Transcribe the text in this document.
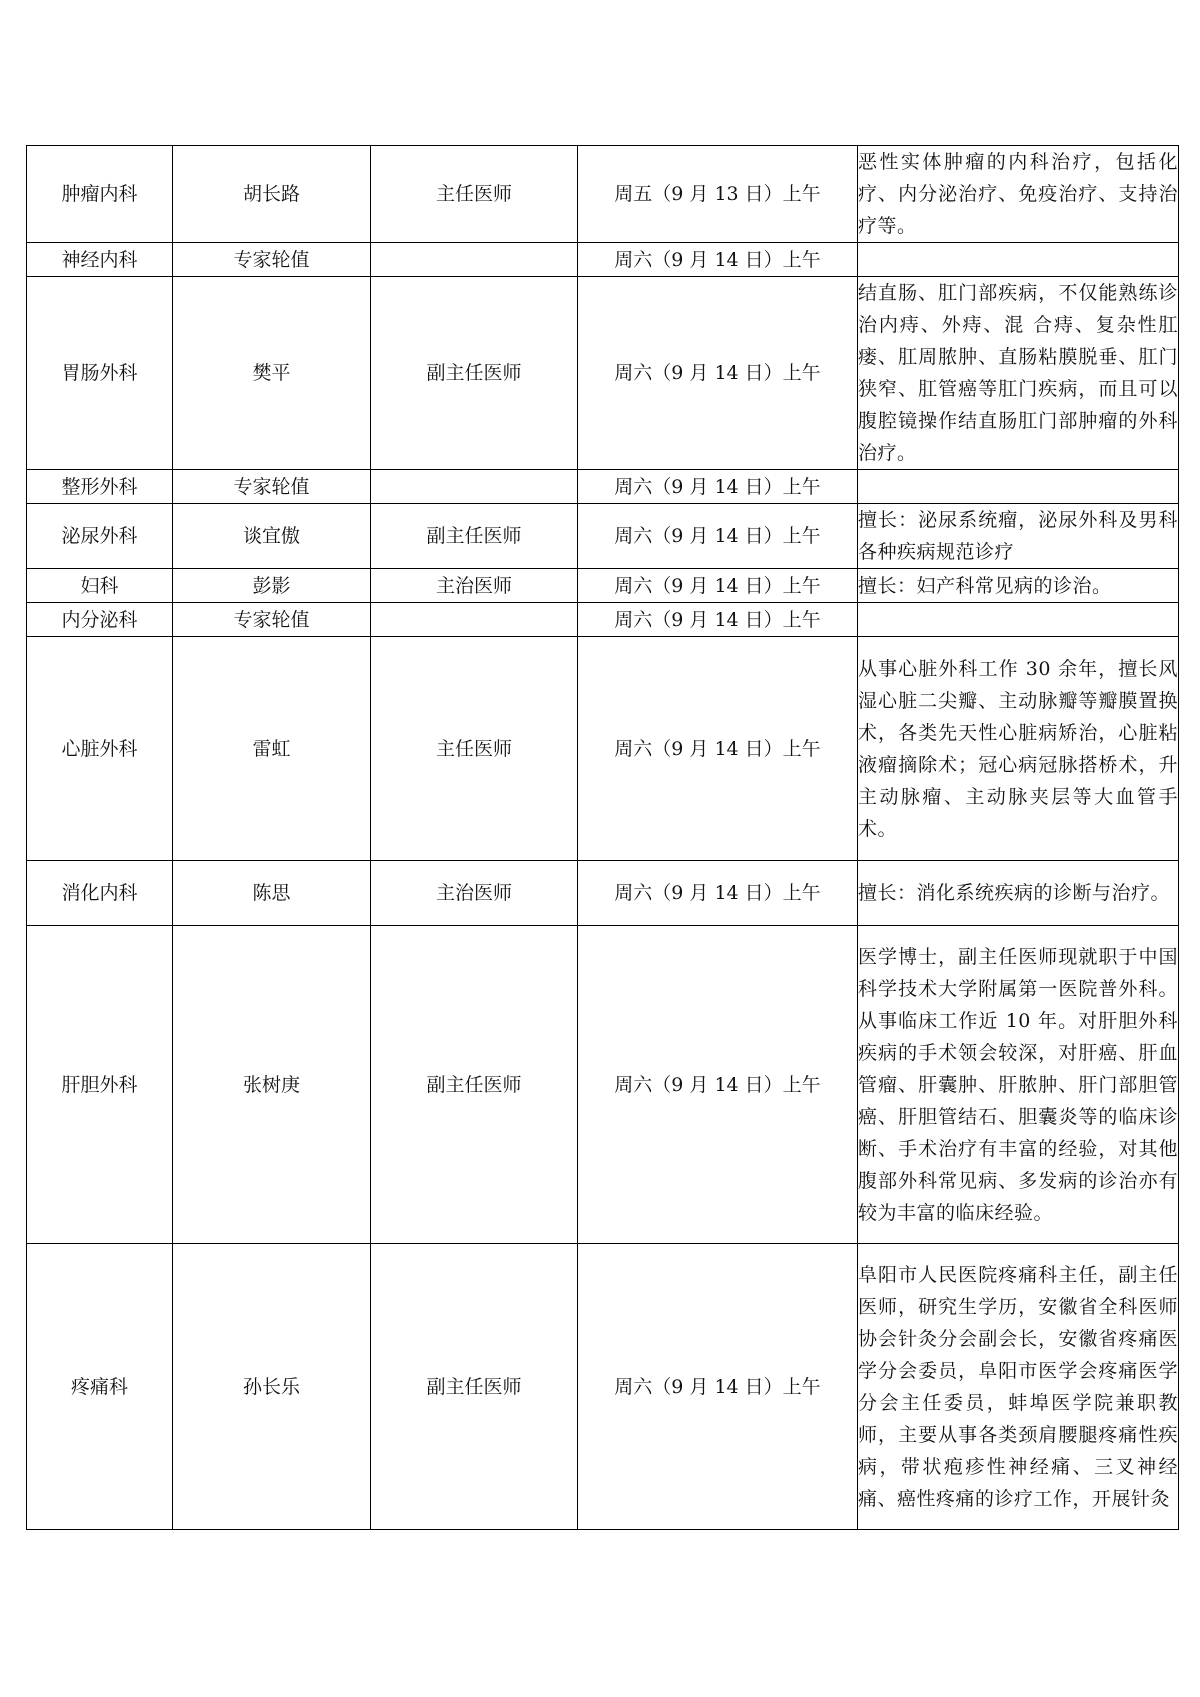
肿瘤内科	胡长路	主任医师	周五（9 月 13 日）上午	恶性实体肿瘤的内科治疗，包括化疗、内分泌治疗、免疫治疗、支持治疗等。
神经内科	专家轮值		周六（9 月 14 日）上午	
胃肠外科	樊平	副主任医师	周六（9 月 14 日）上午	结直肠、肛门部疾病，不仅能熟练诊治内痔、外痔、混 合痔、复杂性肛瘘、肛周脓肿、直肠粘膜脱垂、肛门狭窄、肛管癌等肛门疾病，而且可以腹腔镜操作结直肠肛门部肿瘤的外科治疗。
整形外科	专家轮值		周六（9 月 14 日）上午	
泌尿外科	谈宜傲	副主任医师	周六（9 月 14 日）上午	擅长：泌尿系统瘤，泌尿外科及男科各种疾病规范诊疗
妇科	彭影	主治医师	周六（9 月 14 日）上午	擅长：妇产科常见病的诊治。
内分泌科	专家轮值		周六（9 月 14 日）上午	
心脏外科	雷虹	主任医师	周六（9 月 14 日）上午	从事心脏外科工作 30 余年，擅长风湿心脏二尖瓣、主动脉瓣等瓣膜置换术，各类先天性心脏病矫治，心脏粘液瘤摘除术；冠心病冠脉搭桥术，升主动脉瘤、主动脉夹层等大血管手术。
消化内科	陈思	主治医师	周六（9 月 14 日）上午	擅长：消化系统疾病的诊断与治疗。
肝胆外科	张树庚	副主任医师	周六（9 月 14 日）上午	医学博士，副主任医师现就职于中国科学技术大学附属第一医院普外科。从事临床工作近 10 年。对肝胆外科疾病的手术领会较深，对肝癌、肝血管瘤、肝囊肿、肝脓肿、肝门部胆管癌、肝胆管结石、胆囊炎等的临床诊断、手术治疗有丰富的经验，对其他腹部外科常见病、多发病的诊治亦有较为丰富的临床经验。
疼痛科	孙长乐	副主任医师	周六（9 月 14 日）上午	阜阳市人民医院疼痛科主任，副主任医师，研究生学历，安徽省全科医师协会针灸分会副会长，安徽省疼痛医学分会委员，阜阳市医学会疼痛医学分会主任委员，蚌埠医学院兼职教师，主要从事各类颈肩腰腿疼痛性疾病，带状疱疹性神经痛、三叉神经痛、癌性疼痛的诊疗工作，开展针灸
